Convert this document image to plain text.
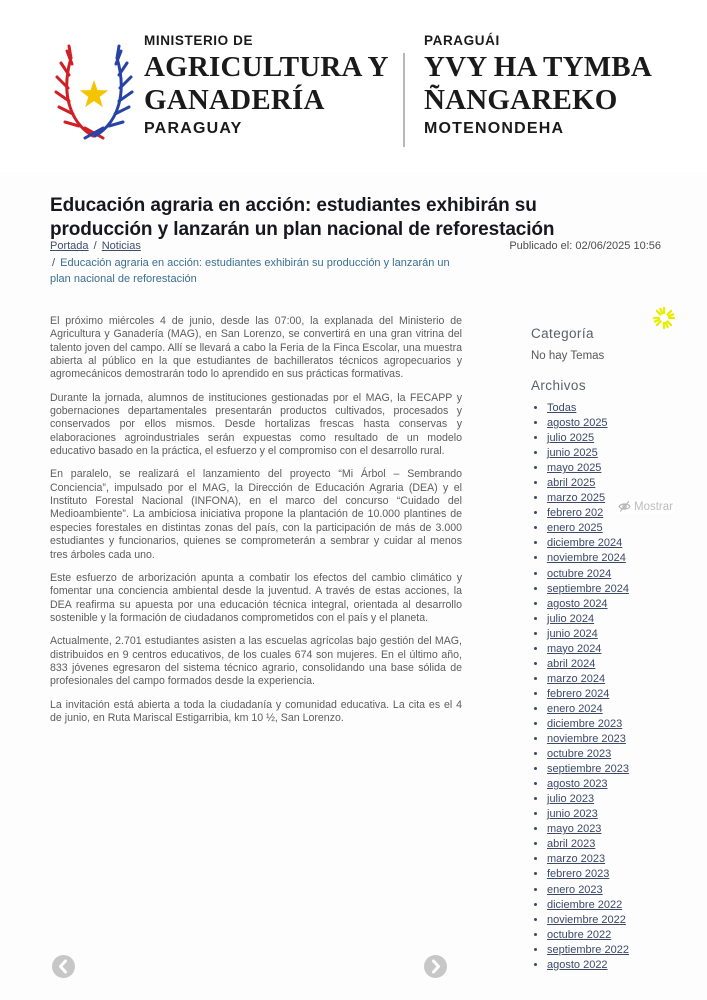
MINISTERIO DE
AGRICULTURA Y
GANADERÍA
PARAGUAY
PARAGUÁI
YVY HA TYMBA
ÑANGAREKO
MOTENONDEHA
Educación agraria en acción: estudiantes exhibirán su producción y lanzarán un plan nacional de reforestación
Portada / Noticias
/ Educación agraria en acción: estudiantes exhibirán su producción y lanzarán un plan nacional de reforestación
Publicado el: 02/06/2025 10:56

El próximo miércoles 4 de junio, desde las 07:00, la explanada del Ministerio de Agricultura y Ganadería (MAG), en San Lorenzo, se convertirá en una gran vitrina del talento joven del campo. Allí se llevará a cabo la Feria de la Finca Escolar, una muestra abierta al público en la que estudiantes de bachilleratos técnicos agropecuarios y agromecánicos demostrarán todo lo aprendido en sus prácticas formativas.

Durante la jornada, alumnos de instituciones gestionadas por el MAG, la FECAPP y gobernaciones departamentales presentarán productos cultivados, procesados y conservados por ellos mismos. Desde hortalizas frescas hasta conservas y elaboraciones agroindustriales serán expuestas como resultado de un modelo educativo basado en la práctica, el esfuerzo y el compromiso con el desarrollo rural.

En paralelo, se realizará el lanzamiento del proyecto “Mi Árbol – Sembrando Conciencia”, impulsado por el MAG, la Dirección de Educación Agraria (DEA) y el Instituto Forestal Nacional (INFONA), en el marco del concurso “Cuidado del Medioambiente”. La ambiciosa iniciativa propone la plantación de 10.000 plantines de especies forestales en distintas zonas del país, con la participación de más de 3.000 estudiantes y funcionarios, quienes se comprometerán a sembrar y cuidar al menos tres árboles cada uno.

Este esfuerzo de arborización apunta a combatir los efectos del cambio climático y fomentar una conciencia ambiental desde la juventud. A través de estas acciones, la DEA reafirma su apuesta por una educación técnica integral, orientada al desarrollo sostenible y la formación de ciudadanos comprometidos con el país y el planeta.

Actualmente, 2.701 estudiantes asisten a las escuelas agrícolas bajo gestión del MAG, distribuidos en 9 centros educativos, de los cuales 674 son mujeres. En el último año, 833 jóvenes egresaron del sistema técnico agrario, consolidando una base sólida de profesionales del campo formados desde la experiencia.

La invitación está abierta a toda la ciudadanía y comunidad educativa. La cita es el 4 de junio, en Ruta Mariscal Estigarribia, km 10 ½, San Lorenzo.

Categoría

No hay Temas

Archivos
• Todas
• agosto 2025
• julio 2025
• junio 2025
• mayo 2025
• abril 2025
• marzo 2025
• febrero 202
• enero 2025
• diciembre 2024
• noviembre 2024
• octubre 2024
• septiembre 2024
• agosto 2024
• julio 2024
• junio 2024
• mayo 2024
• abril 2024
• marzo 2024
• febrero 2024
• enero 2024
• diciembre 2023
• noviembre 2023
• octubre 2023
• septiembre 2023
• agosto 2023
• julio 2023
• junio 2023
• mayo 2023
• abril 2023
• marzo 2023
• febrero 2023
• enero 2023
• diciembre 2022
• noviembre 2022
• octubre 2022
• septiembre 2022
• agosto 2022
Mostrar
